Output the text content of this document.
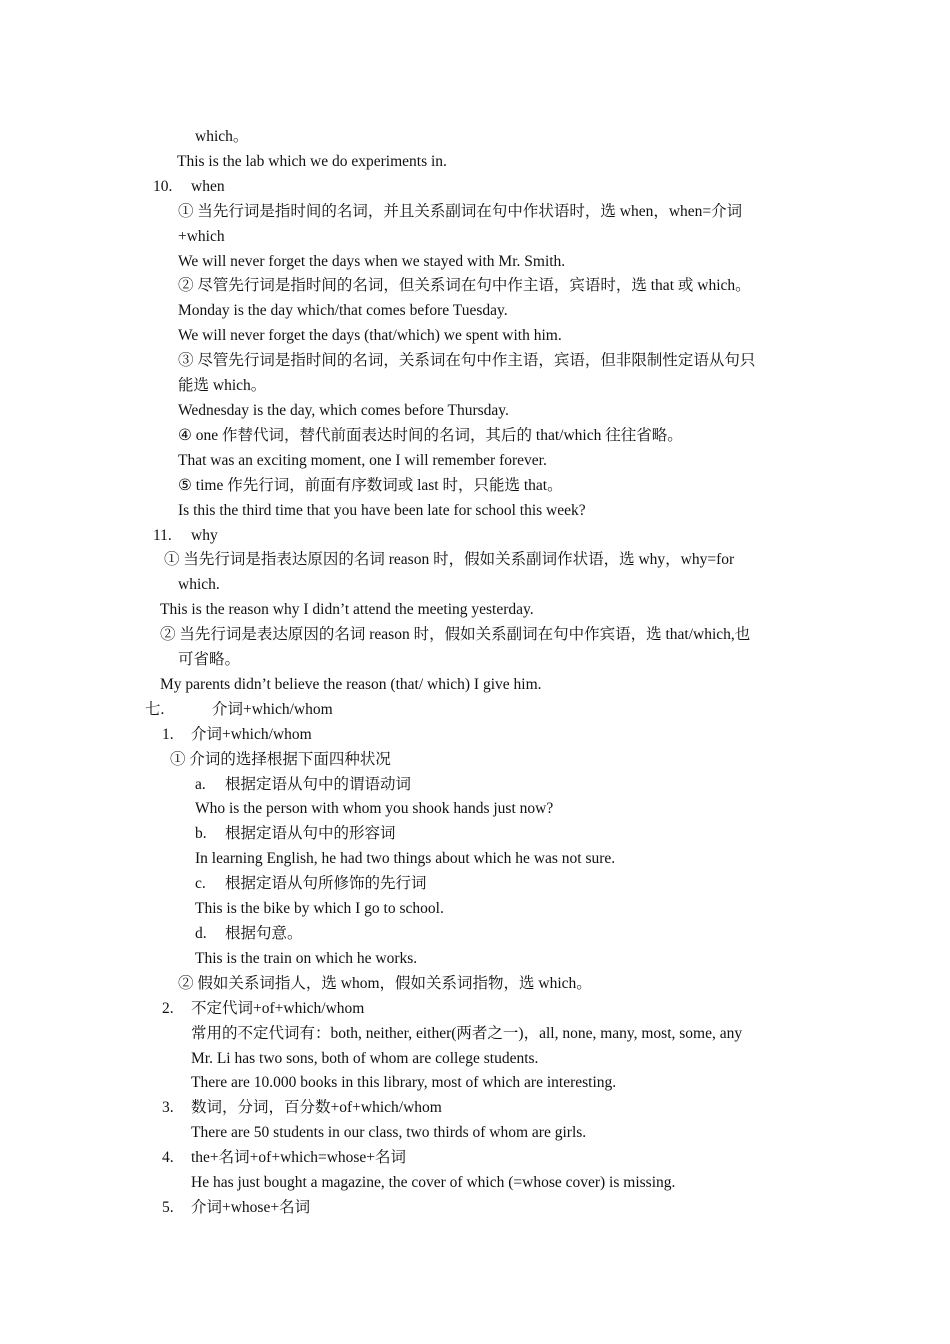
which。
This is the lab which we do experiments in.
10. when
① 当先行词是指时间的名词，并且关系副词在句中作状语时，选 when，when=介词
+which
We will never forget the days when we stayed with Mr. Smith.
② 尽管先行词是指时间的名词，但关系词在句中作主语，宾语时，选 that 或 which。
Monday is the day which/that comes before Tuesday.
We will never forget the days (that/which) we spent with him.
③ 尽管先行词是指时间的名词，关系词在句中作主语，宾语，但非限制性定语从句只
能选 which。
Wednesday is the day, which comes before Thursday.
④ one 作替代词，替代前面表达时间的名词，其后的 that/which 往往省略。
That was an exciting moment, one I will remember forever.
⑤ time 作先行词，前面有序数词或 last 时，只能选 that。
Is this the third time that you have been late for school this week?
11. why
① 当先行词是指表达原因的名词 reason 时，假如关系副词作状语，选 why，why=for
which.
This is the reason why I didn’t attend the meeting yesterday.
② 当先行词是表达原因的名词 reason 时，假如关系副词在句中作宾语，选 that/which,也
可省略。
My parents didn’t believe the reason (that/ which) I give him.
七.	介词+which/whom
1. 介词+which/whom
① 介词的选择根据下面四种状况
a. 根据定语从句中的谓语动词
Who is the person with whom you shook hands just now?
b. 根据定语从句中的形容词
In learning English, he had two things about which he was not sure.
c. 根据定语从句所修饰的先行词
This is the bike by which I go to school.
d. 根据句意。
This is the train on which he works.
② 假如关系词指人，选 whom，假如关系词指物，选 which。
2. 不定代词+of+which/whom
常用的不定代词有：both, neither, either(两者之一)，all, none, many, most, some, any
Mr. Li has two sons, both of whom are college students.
There are 10.000 books in this library, most of which are interesting.
3. 数词，分词，百分数+of+which/whom
There are 50 students in our class, two thirds of whom are girls.
4. the+名词+of+which=whose+名词
He has just bought a magazine, the cover of which (=whose cover) is missing.
5. 介词+whose+名词
